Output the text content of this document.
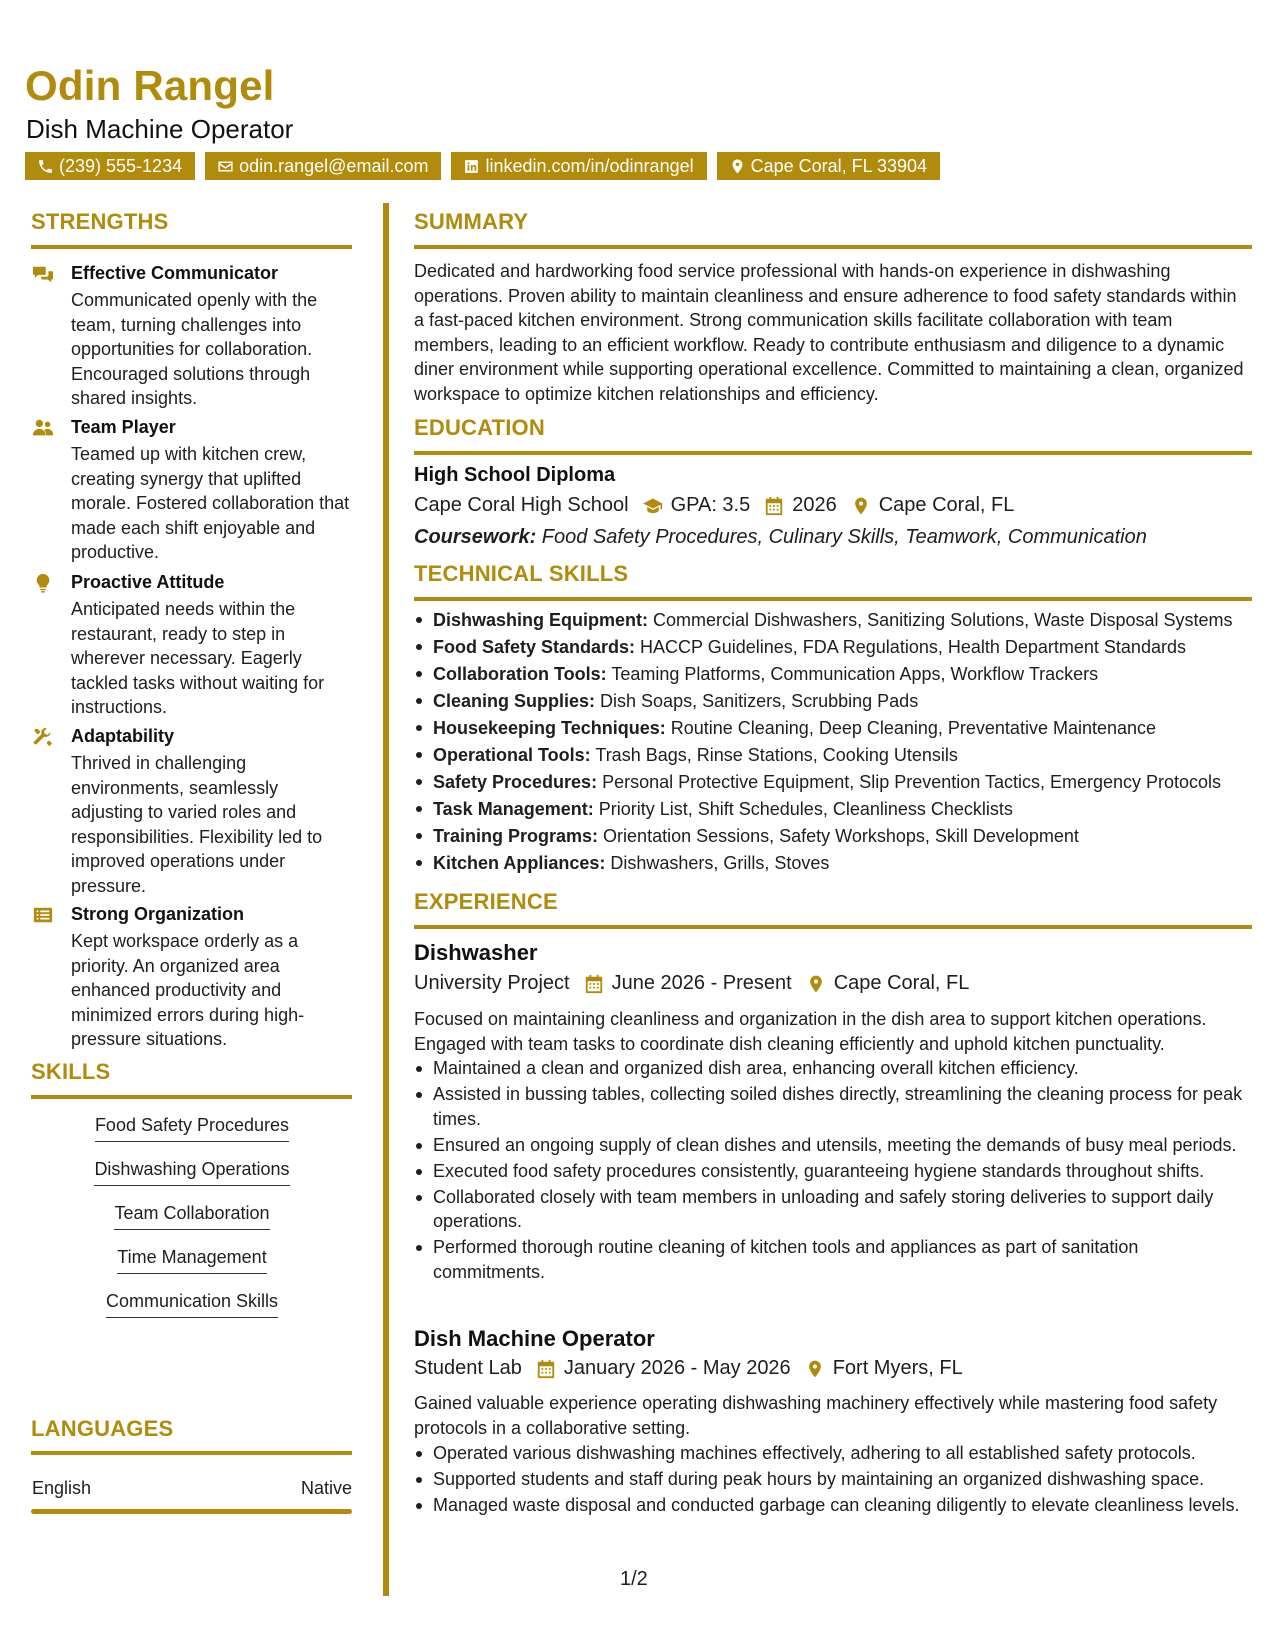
Odin Rangel
Dish Machine Operator
(239) 555-1234	odin.rangel@email.com	linkedin.com/in/odinrangel	Cape Coral, FL 33904
STRENGTHS
Effective Communicator
Communicated openly with the team, turning challenges into opportunities for collaboration. Encouraged solutions through shared insights.
Team Player
Teamed up with kitchen crew, creating synergy that uplifted morale. Fostered collaboration that made each shift enjoyable and productive.
Proactive Attitude
Anticipated needs within the restaurant, ready to step in wherever necessary. Eagerly tackled tasks without waiting for instructions.
Adaptability
Thrived in challenging environments, seamlessly adjusting to varied roles and responsibilities. Flexibility led to improved operations under pressure.
Strong Organization
Kept workspace orderly as a priority. An organized area enhanced productivity and minimized errors during high-pressure situations.
SKILLS
Food Safety Procedures
Dishwashing Operations
Team Collaboration
Time Management
Communication Skills
LANGUAGES
English	Native
SUMMARY
Dedicated and hardworking food service professional with hands-on experience in dishwashing operations. Proven ability to maintain cleanliness and ensure adherence to food safety standards within a fast-paced kitchen environment. Strong communication skills facilitate collaboration with team members, leading to an efficient workflow. Ready to contribute enthusiasm and diligence to a dynamic diner environment while supporting operational excellence. Committed to maintaining a clean, organized workspace to optimize kitchen relationships and efficiency.
EDUCATION
High School Diploma
Cape Coral High School GPA: 3.5 2026 Cape Coral, FL
Coursework: Food Safety Procedures, Culinary Skills, Teamwork, Communication
TECHNICAL SKILLS
Dishwashing Equipment: Commercial Dishwashers, Sanitizing Solutions, Waste Disposal Systems
Food Safety Standards: HACCP Guidelines, FDA Regulations, Health Department Standards
Collaboration Tools: Teaming Platforms, Communication Apps, Workflow Trackers
Cleaning Supplies: Dish Soaps, Sanitizers, Scrubbing Pads
Housekeeping Techniques: Routine Cleaning, Deep Cleaning, Preventative Maintenance
Operational Tools: Trash Bags, Rinse Stations, Cooking Utensils
Safety Procedures: Personal Protective Equipment, Slip Prevention Tactics, Emergency Protocols
Task Management: Priority List, Shift Schedules, Cleanliness Checklists
Training Programs: Orientation Sessions, Safety Workshops, Skill Development
Kitchen Appliances: Dishwashers, Grills, Stoves
EXPERIENCE
Dishwasher
University Project June 2026 - Present Cape Coral, FL
Focused on maintaining cleanliness and organization in the dish area to support kitchen operations. Engaged with team tasks to coordinate dish cleaning efficiently and uphold kitchen punctuality.
Maintained a clean and organized dish area, enhancing overall kitchen efficiency.
Assisted in bussing tables, collecting soiled dishes directly, streamlining the cleaning process for peak times.
Ensured an ongoing supply of clean dishes and utensils, meeting the demands of busy meal periods.
Executed food safety procedures consistently, guaranteeing hygiene standards throughout shifts.
Collaborated closely with team members in unloading and safely storing deliveries to support daily operations.
Performed thorough routine cleaning of kitchen tools and appliances as part of sanitation commitments.
Dish Machine Operator
Student Lab January 2026 - May 2026 Fort Myers, FL
Gained valuable experience operating dishwashing machinery effectively while mastering food safety protocols in a collaborative setting.
Operated various dishwashing machines effectively, adhering to all established safety protocols.
Supported students and staff during peak hours by maintaining an organized dishwashing space.
Managed waste disposal and conducted garbage can cleaning diligently to elevate cleanliness levels.
1/2
